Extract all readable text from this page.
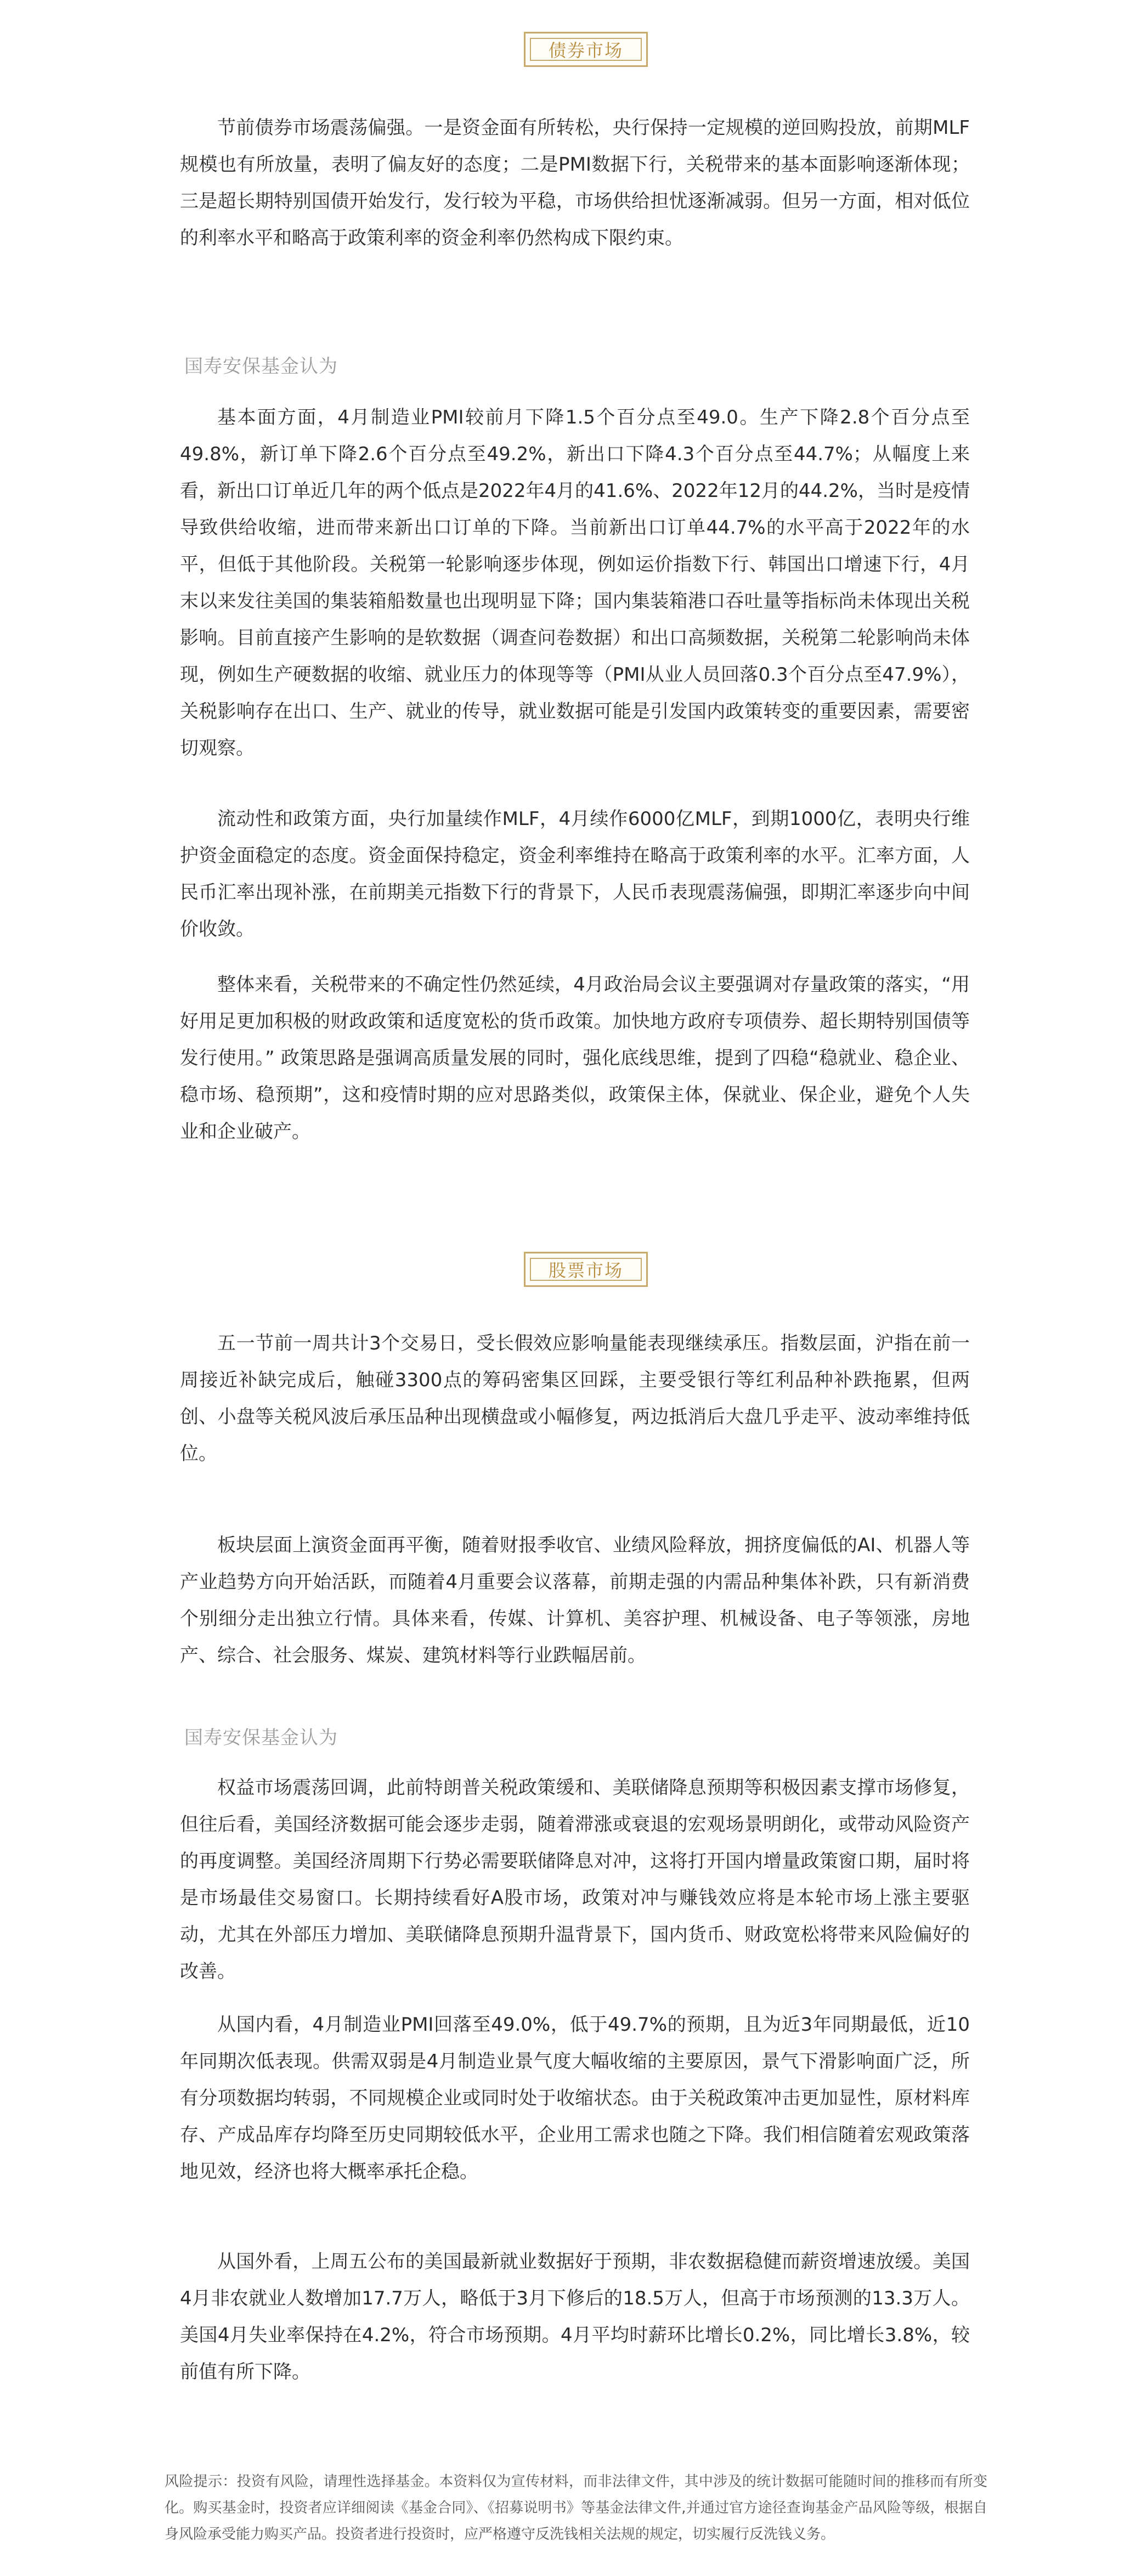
债券市场

节前债券市场震荡偏强。一是资金面有所转松，央行保持一定规模的逆回购投放，前期MLF规模也有所放量，表明了偏友好的态度；二是PMI数据下行，关税带来的基本面影响逐渐体现；三是超长期特别国债开始发行，发行较为平稳，市场供给担忧逐渐减弱。但另一方面，相对低位的利率水平和略高于政策利率的资金利率仍然构成下限约束。

国寿安保基金认为

基本面方面，4月制造业PMI较前月下降1.5个百分点至49.0。生产下降2.8个百分点至49.8%，新订单下降2.6个百分点至49.2%，新出口下降4.3个百分点至44.7%；从幅度上来看，新出口订单近几年的两个低点是2022年4月的41.6%、2022年12月的44.2%，当时是疫情导致供给收缩，进而带来新出口订单的下降。当前新出口订单44.7%的水平高于2022年的水平，但低于其他阶段。关税第一轮影响逐步体现，例如运价指数下行、韩国出口增速下行，4月末以来发往美国的集装箱船数量也出现明显下降；国内集装箱港口吞吐量等指标尚未体现出关税影响。目前直接产生影响的是软数据（调查问卷数据）和出口高频数据，关税第二轮影响尚未体现，例如生产硬数据的收缩、就业压力的体现等等（PMI从业人员回落0.3个百分点至47.9%），关税影响存在出口、生产、就业的传导，就业数据可能是引发国内政策转变的重要因素，需要密切观察。

流动性和政策方面，央行加量续作MLF，4月续作6000亿MLF，到期1000亿，表明央行维护资金面稳定的态度。资金面保持稳定，资金利率维持在略高于政策利率的水平。汇率方面，人民币汇率出现补涨，在前期美元指数下行的背景下，人民币表现震荡偏强，即期汇率逐步向中间价收敛。

整体来看，关税带来的不确定性仍然延续，4月政治局会议主要强调对存量政策的落实，“用好用足更加积极的财政政策和适度宽松的货币政策。加快地方政府专项债券、超长期特别国债等发行使用。” 政策思路是强调高质量发展的同时，强化底线思维，提到了四稳“稳就业、稳企业、稳市场、稳预期”，这和疫情时期的应对思路类似，政策保主体，保就业、保企业，避免个人失业和企业破产。

股票市场

五一节前一周共计3个交易日，受长假效应影响量能表现继续承压。指数层面，沪指在前一周接近补缺完成后，触碰3300点的筹码密集区回踩，主要受银行等红利品种补跌拖累，但两创、小盘等关税风波后承压品种出现横盘或小幅修复，两边抵消后大盘几乎走平、波动率维持低位。

板块层面上演资金面再平衡，随着财报季收官、业绩风险释放，拥挤度偏低的AI、机器人等产业趋势方向开始活跃，而随着4月重要会议落幕，前期走强的内需品种集体补跌，只有新消费个别细分走出独立行情。具体来看，传媒、计算机、美容护理、机械设备、电子等领涨，房地产、综合、社会服务、煤炭、建筑材料等行业跌幅居前。

国寿安保基金认为

权益市场震荡回调，此前特朗普关税政策缓和、美联储降息预期等积极因素支撑市场修复，但往后看，美国经济数据可能会逐步走弱，随着滞涨或衰退的宏观场景明朗化，或带动风险资产的再度调整。美国经济周期下行势必需要联储降息对冲，这将打开国内增量政策窗口期，届时将是市场最佳交易窗口。长期持续看好A股市场，政策对冲与赚钱效应将是本轮市场上涨主要驱动，尤其在外部压力增加、美联储降息预期升温背景下，国内货币、财政宽松将带来风险偏好的改善。

从国内看，4月制造业PMI回落至49.0%，低于49.7%的预期，且为近3年同期最低，近10年同期次低表现。供需双弱是4月制造业景气度大幅收缩的主要原因，景气下滑影响面广泛，所有分项数据均转弱，不同规模企业或同时处于收缩状态。由于关税政策冲击更加显性，原材料库存、产成品库存均降至历史同期较低水平，企业用工需求也随之下降。我们相信随着宏观政策落地见效，经济也将大概率承托企稳。

从国外看，上周五公布的美国最新就业数据好于预期，非农数据稳健而薪资增速放缓。美国4月非农就业人数增加17.7万人，略低于3月下修后的18.5万人，但高于市场预测的13.3万人。美国4月失业率保持在4.2%，符合市场预期。4月平均时薪环比增长0.2%，同比增长3.8%，较前值有所下降。

风险提示：投资有风险，请理性选择基金。本资料仅为宣传材料，而非法律文件，其中涉及的统计数据可能随时间的推移而有所变化。购买基金时，投资者应详细阅读《基金合同》、《招募说明书》等基金法律文件,并通过官方途径查询基金产品风险等级，根据自身风险承受能力购买产品。投资者进行投资时，应严格遵守反洗钱相关法规的规定，切实履行反洗钱义务。
